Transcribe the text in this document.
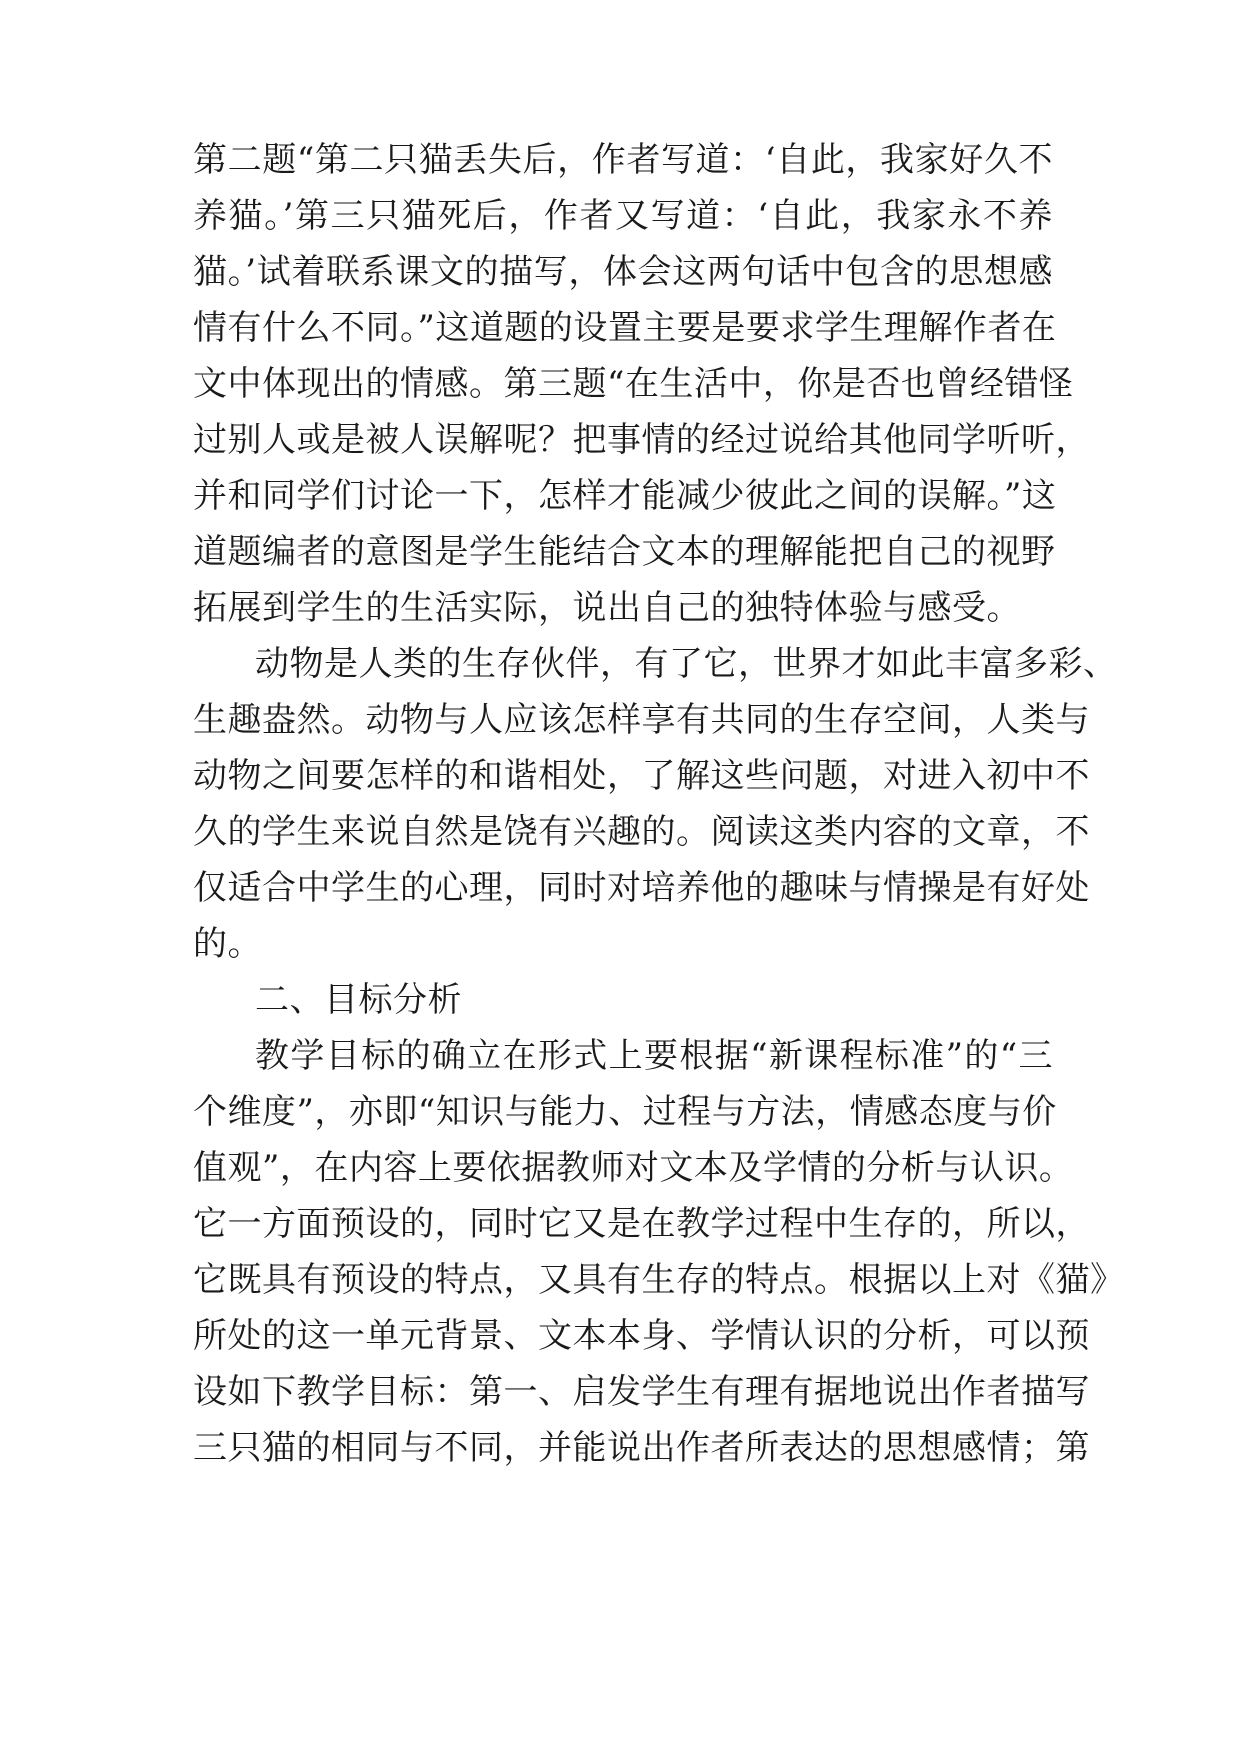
第二题“第二只猫丢失后，作者写道：‘自此，我家好久不
养猫。’第三只猫死后，作者又写道：‘自此，我家永不养
猫。’试着联系课文的描写，体会这两句话中包含的思想感
情有什么不同。”这道题的设置主要是要求学生理解作者在
文中体现出的情感。第三题“在生活中，你是否也曾经错怪
过别人或是被人误解呢？把事情的经过说给其他同学听听，
并和同学们讨论一下，怎样才能减少彼此之间的误解。”这
道题编者的意图是学生能结合文本的理解能把自己的视野
拓展到学生的生活实际，说出自己的独特体验与感受。
动物是人类的生存伙伴，有了它，世界才如此丰富多彩、
生趣盎然。动物与人应该怎样享有共同的生存空间，人类与
动物之间要怎样的和谐相处，了解这些问题，对进入初中不
久的学生来说自然是饶有兴趣的。阅读这类内容的文章，不
仅适合中学生的心理，同时对培养他的趣味与情操是有好处
的。
二、目标分析
教学目标的确立在形式上要根据“新课程标准”的“三
个维度”，亦即“知识与能力、过程与方法，情感态度与价
值观”，在内容上要依据教师对文本及学情的分析与认识。
它一方面预设的，同时它又是在教学过程中生存的，所以，
它既具有预设的特点，又具有生存的特点。根据以上对《猫》
所处的这一单元背景、文本本身、学情认识的分析，可以预
设如下教学目标：第一、启发学生有理有据地说出作者描写
三只猫的相同与不同，并能说出作者所表达的思想感情；第
